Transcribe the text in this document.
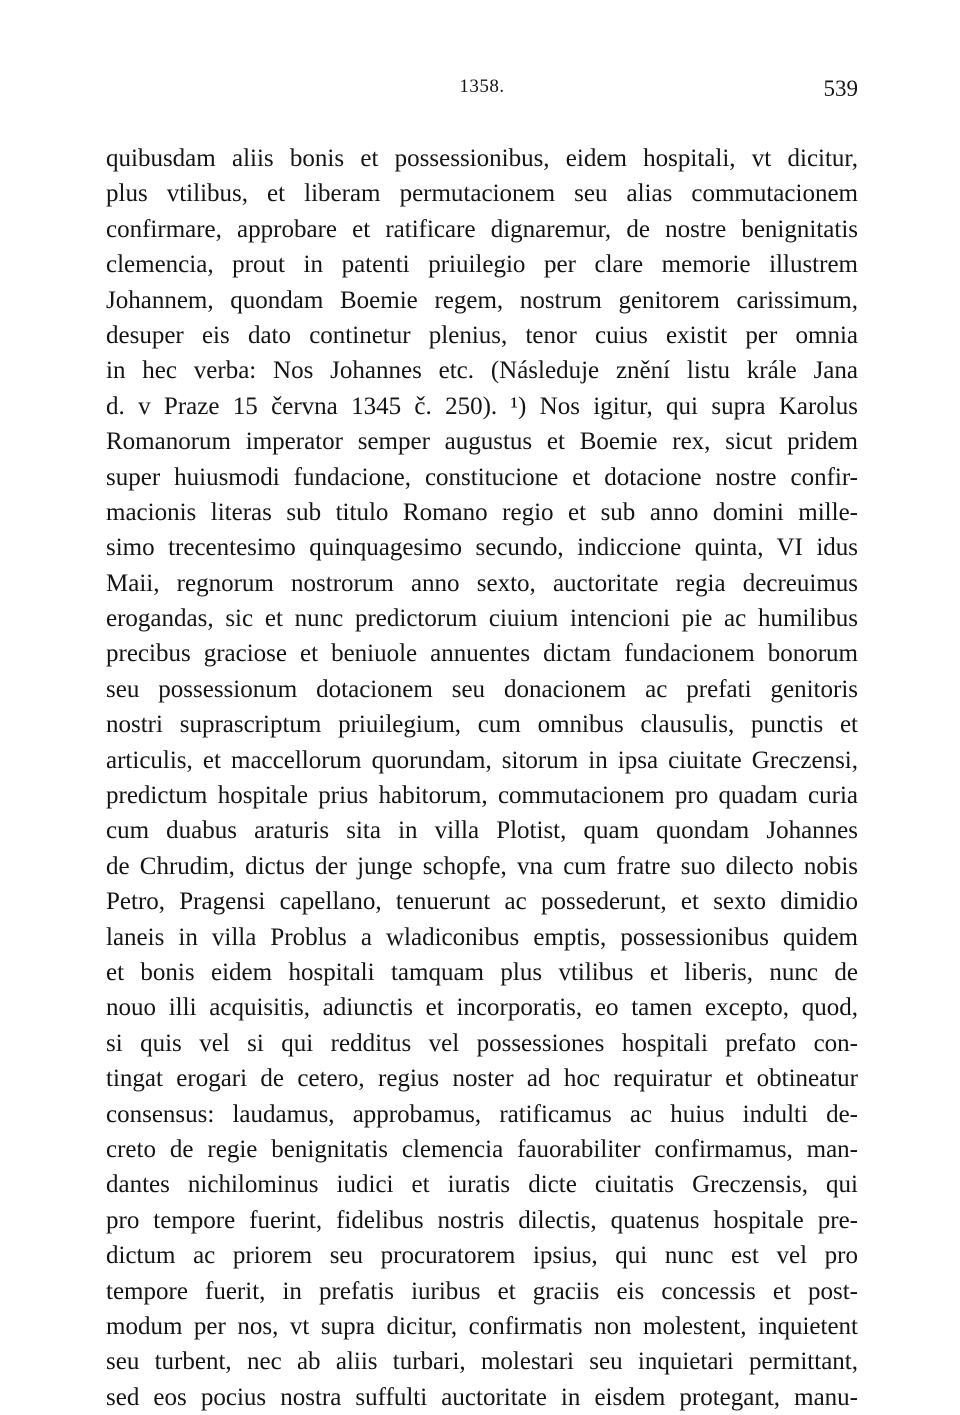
1358.	539
quibusdam aliis bonis et possessionibus, eidem hospitali, vt dicitur,
plus vtilibus, et liberam permutacionem seu alias commutacionem
confirmare, approbare et ratificare dignaremur, de nostre benignitatis
clemencia, prout in patenti priuilegio per clare memorie illustrem
Johannem, quondam Boemie regem, nostrum genitorem carissimum,
desuper eis dato continetur plenius, tenor cuius existit per omnia
in hec verba: Nos Johannes etc. (Následuje znění listu krále Jana
d. v Praze 15 června 1345 č. 250). ¹) Nos igitur, qui supra Karolus
Romanorum imperator semper augustus et Boemie rex, sicut pridem
super huiusmodi fundacione, constitucione et dotacione nostre confir-
macionis literas sub titulo Romano regio et sub anno domini mille-
simo trecentesimo quinquagesimo secundo, indiccione quinta, VI idus
Maii, regnorum nostrorum anno sexto, auctoritate regia decreuimus
erogandas, sic et nunc predictorum ciuium intencioni pie ac humilibus
precibus graciose et beniuole annuentes dictam fundacionem bonorum
seu possessionum dotacionem seu donacionem ac prefati genitoris
nostri suprascriptum priuilegium, cum omnibus clausulis, punctis et
articulis, et maccellorum quorundam, sitorum in ipsa ciuitate Greczensi,
predictum hospitale prius habitorum, commutacionem pro quadam curia
cum duabus araturis sita in villa Plotist, quam quondam Johannes
de Chrudim, dictus der junge schopfe, vna cum fratre suo dilecto nobis
Petro, Pragensi capellano, tenuerunt ac possederunt, et sexto dimidio
laneis in villa Problus a wladiconibus emptis, possessionibus quidem
et bonis eidem hospitali tamquam plus vtilibus et liberis, nunc de
nouo illi acquisitis, adiunctis et incorporatis, eo tamen excepto, quod,
si quis vel si qui redditus vel possessiones hospitali prefato con-
tingat erogari de cetero, regius noster ad hoc requiratur et obtineatur
consensus: laudamus, approbamus, ratificamus ac huius indulti de-
creto de regie benignitatis clemencia fauorabiliter confirmamus, man-
dantes nichilominus iudici et iuratis dicte ciuitatis Greczensis, qui
pro tempore fuerint, fidelibus nostris dilectis, quatenus hospitale pre-
dictum ac priorem seu procuratorem ipsius, qui nunc est vel pro
tempore fuerit, in prefatis iuribus et graciis eis concessis et post-
modum per nos, vt supra dicitur, confirmatis non molestent, inquietent
seu turbent, nec ab aliis turbari, molestari seu inquietari permittant,
sed eos pocius nostra suffulti auctoritate in eisdem protegant, manu-
